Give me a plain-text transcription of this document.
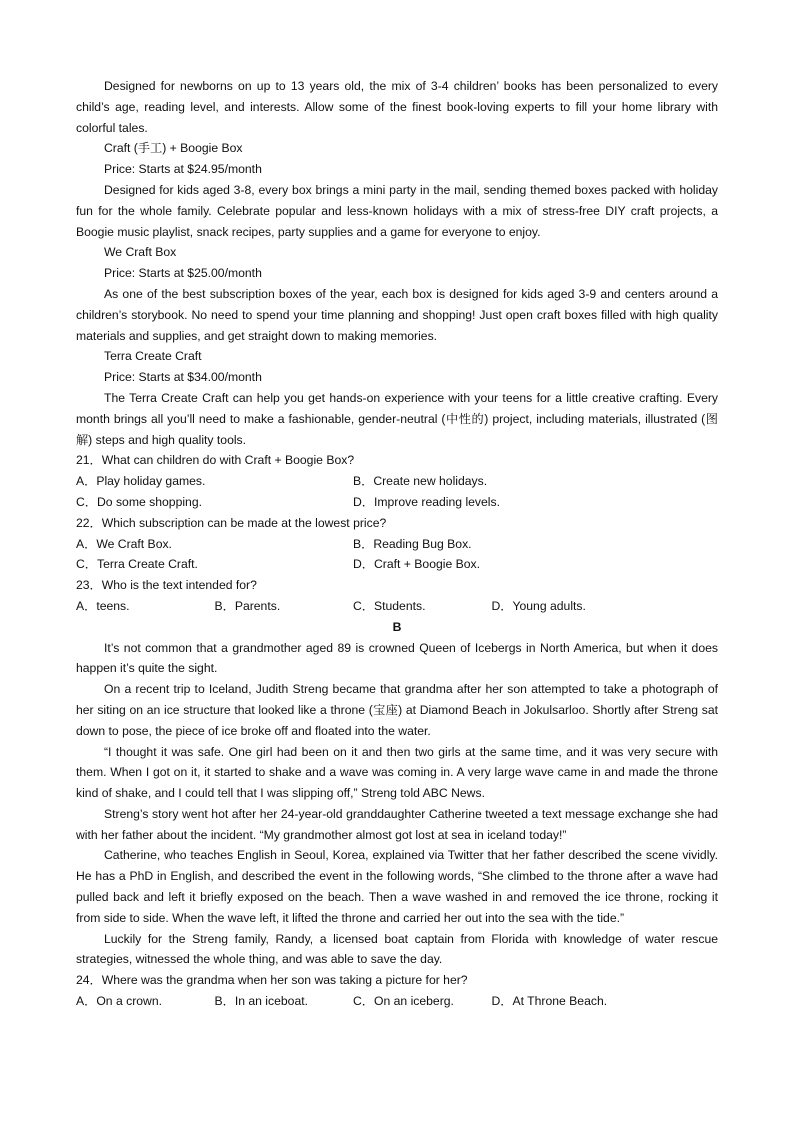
Designed for newborns on up to 13 years old, the mix of 3-4 children’ books has been personalized to every child’s age, reading level, and interests. Allow some of the finest book-loving experts to fill your home library with colorful tales.

Craft (手工) + Boogie Box

Price: Starts at $24.95/month

Designed for kids aged 3-8, every box brings a mini party in the mail, sending themed boxes packed with holiday fun for the whole family. Celebrate popular and less-known holidays with a mix of stress-free DIY craft projects, a Boogie music playlist, snack recipes, party supplies and a game for everyone to enjoy.

We Craft Box

Price: Starts at $25.00/month

As one of the best subscription boxes of the year, each box is designed for kids aged 3-9 and centers around a children’s storybook. No need to spend your time planning and shopping! Just open craft boxes filled with high quality materials and supplies, and get straight down to making memories.

Terra Create Craft

Price: Starts at $34.00/month

The Terra Create Craft can help you get hands-on experience with your teens for a little creative crafting. Every month brings all you’ll need to make a fashionable, gender-neutral (中性的) project, including materials, illustrated (图解) steps and high quality tools.

21．What can children do with Craft + Boogie Box?

A．Play holiday games.	B．Create new holidays.
C．Do some shopping.	D．Improve reading levels.

22．Which subscription can be made at the lowest price?

A．We Craft Box.	B．Reading Bug Box.
C．Terra Create Craft.	D．Craft + Boogie Box.

23．Who is the text intended for?

A．teens.	B．Parents.	C．Students.	D．Young adults.

B

It’s not common that a grandmother aged 89 is crowned Queen of Icebergs in North America, but when it does happen it’s quite the sight.

On a recent trip to Iceland, Judith Streng became that grandma after her son attempted to take a photograph of her siting on an ice structure that looked like a throne (宝座) at Diamond Beach in Jokulsarloo. Shortly after Streng sat down to pose, the piece of ice broke off and floated into the water.

“I thought it was safe. One girl had been on it and then two girls at the same time, and it was very secure with them. When I got on it, it started to shake and a wave was coming in. A very large wave came in and made the throne kind of shake, and I could tell that I was slipping off,” Streng told ABC News.

Streng’s story went hot after her 24-year-old granddaughter Catherine tweeted a text message exchange she had with her father about the incident. “My grandmother almost got lost at sea in iceland today!”

Catherine, who teaches English in Seoul, Korea, explained via Twitter that her father described the scene vividly. He has a PhD in English, and described the event in the following words, “She climbed to the throne after a wave had pulled back and left it briefly exposed on the beach. Then a wave washed in and removed the ice throne, rocking it from side to side. When the wave left, it lifted the throne and carried her out into the sea with the tide.”

Luckily for the Streng family, Randy, a licensed boat captain from Florida with knowledge of water rescue strategies, witnessed the whole thing, and was able to save the day.

24．Where was the grandma when her son was taking a picture for her?

A．On a crown.	B．In an iceboat.	C．On an iceberg.	D．At Throne Beach.
